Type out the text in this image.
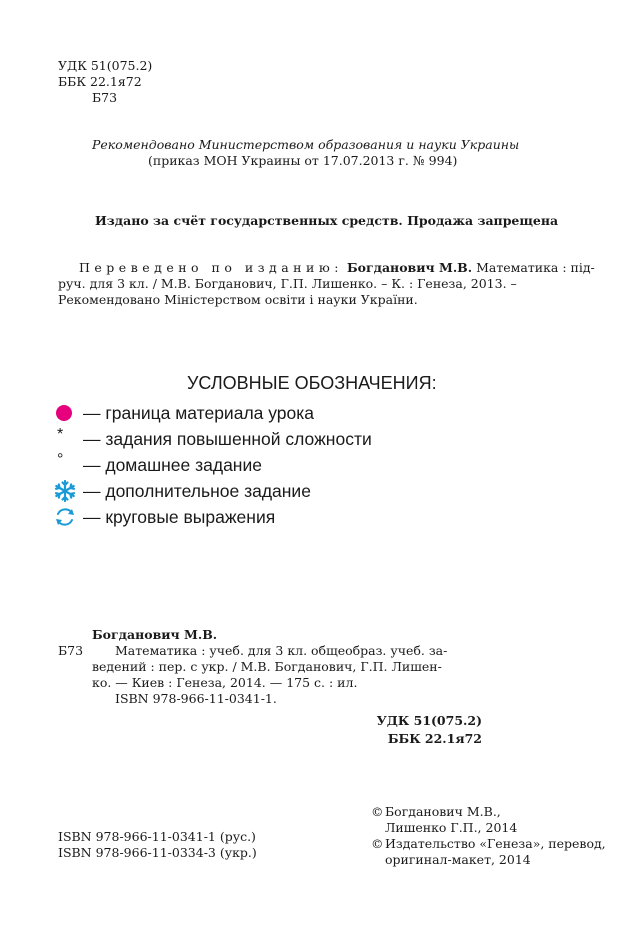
УДК 51(075.2)
ББК 22.1я72
Б73
Рекомендовано Министерством образования и науки Украины
(приказ МОН Украины от 17.07.2013 г. № 994)
Издано за счёт государственных средств. Продажа запрещена
Переведено по изданию: Богданович М.В. Математика : під-
руч. для 3 кл. / М.В. Богданович, Г.П. Лишенко. – К. : Генеза, 2013. –
Рекомендовано Міністерством освіти і науки України.
УСЛОВНЫЕ ОБОЗНАЧЕНИЯ:
— граница материала урока
* — задания повышенной сложности
° — домашнее задание
— дополнительное задание
— круговые выражения
Богданович М.В.
Б73	Математика : учеб. для 3 кл. общеобраз. учеб. за-
ведений : пер. с укр. / М.В. Богданович, Г.П. Лишен-
ко. — Киев : Генеза, 2014. — 175 с. : ил.
ISBN 978-966-11-0341-1.
УДК 51(075.2)
ББК 22.1я72
© Богданович М.В.,
Лишенко Г.П., 2014
© Издательство «Генеза», перевод,
оригинал-макет, 2014
ISBN 978-966-11-0341-1 (рус.)
ISBN 978-966-11-0334-3 (укр.)
